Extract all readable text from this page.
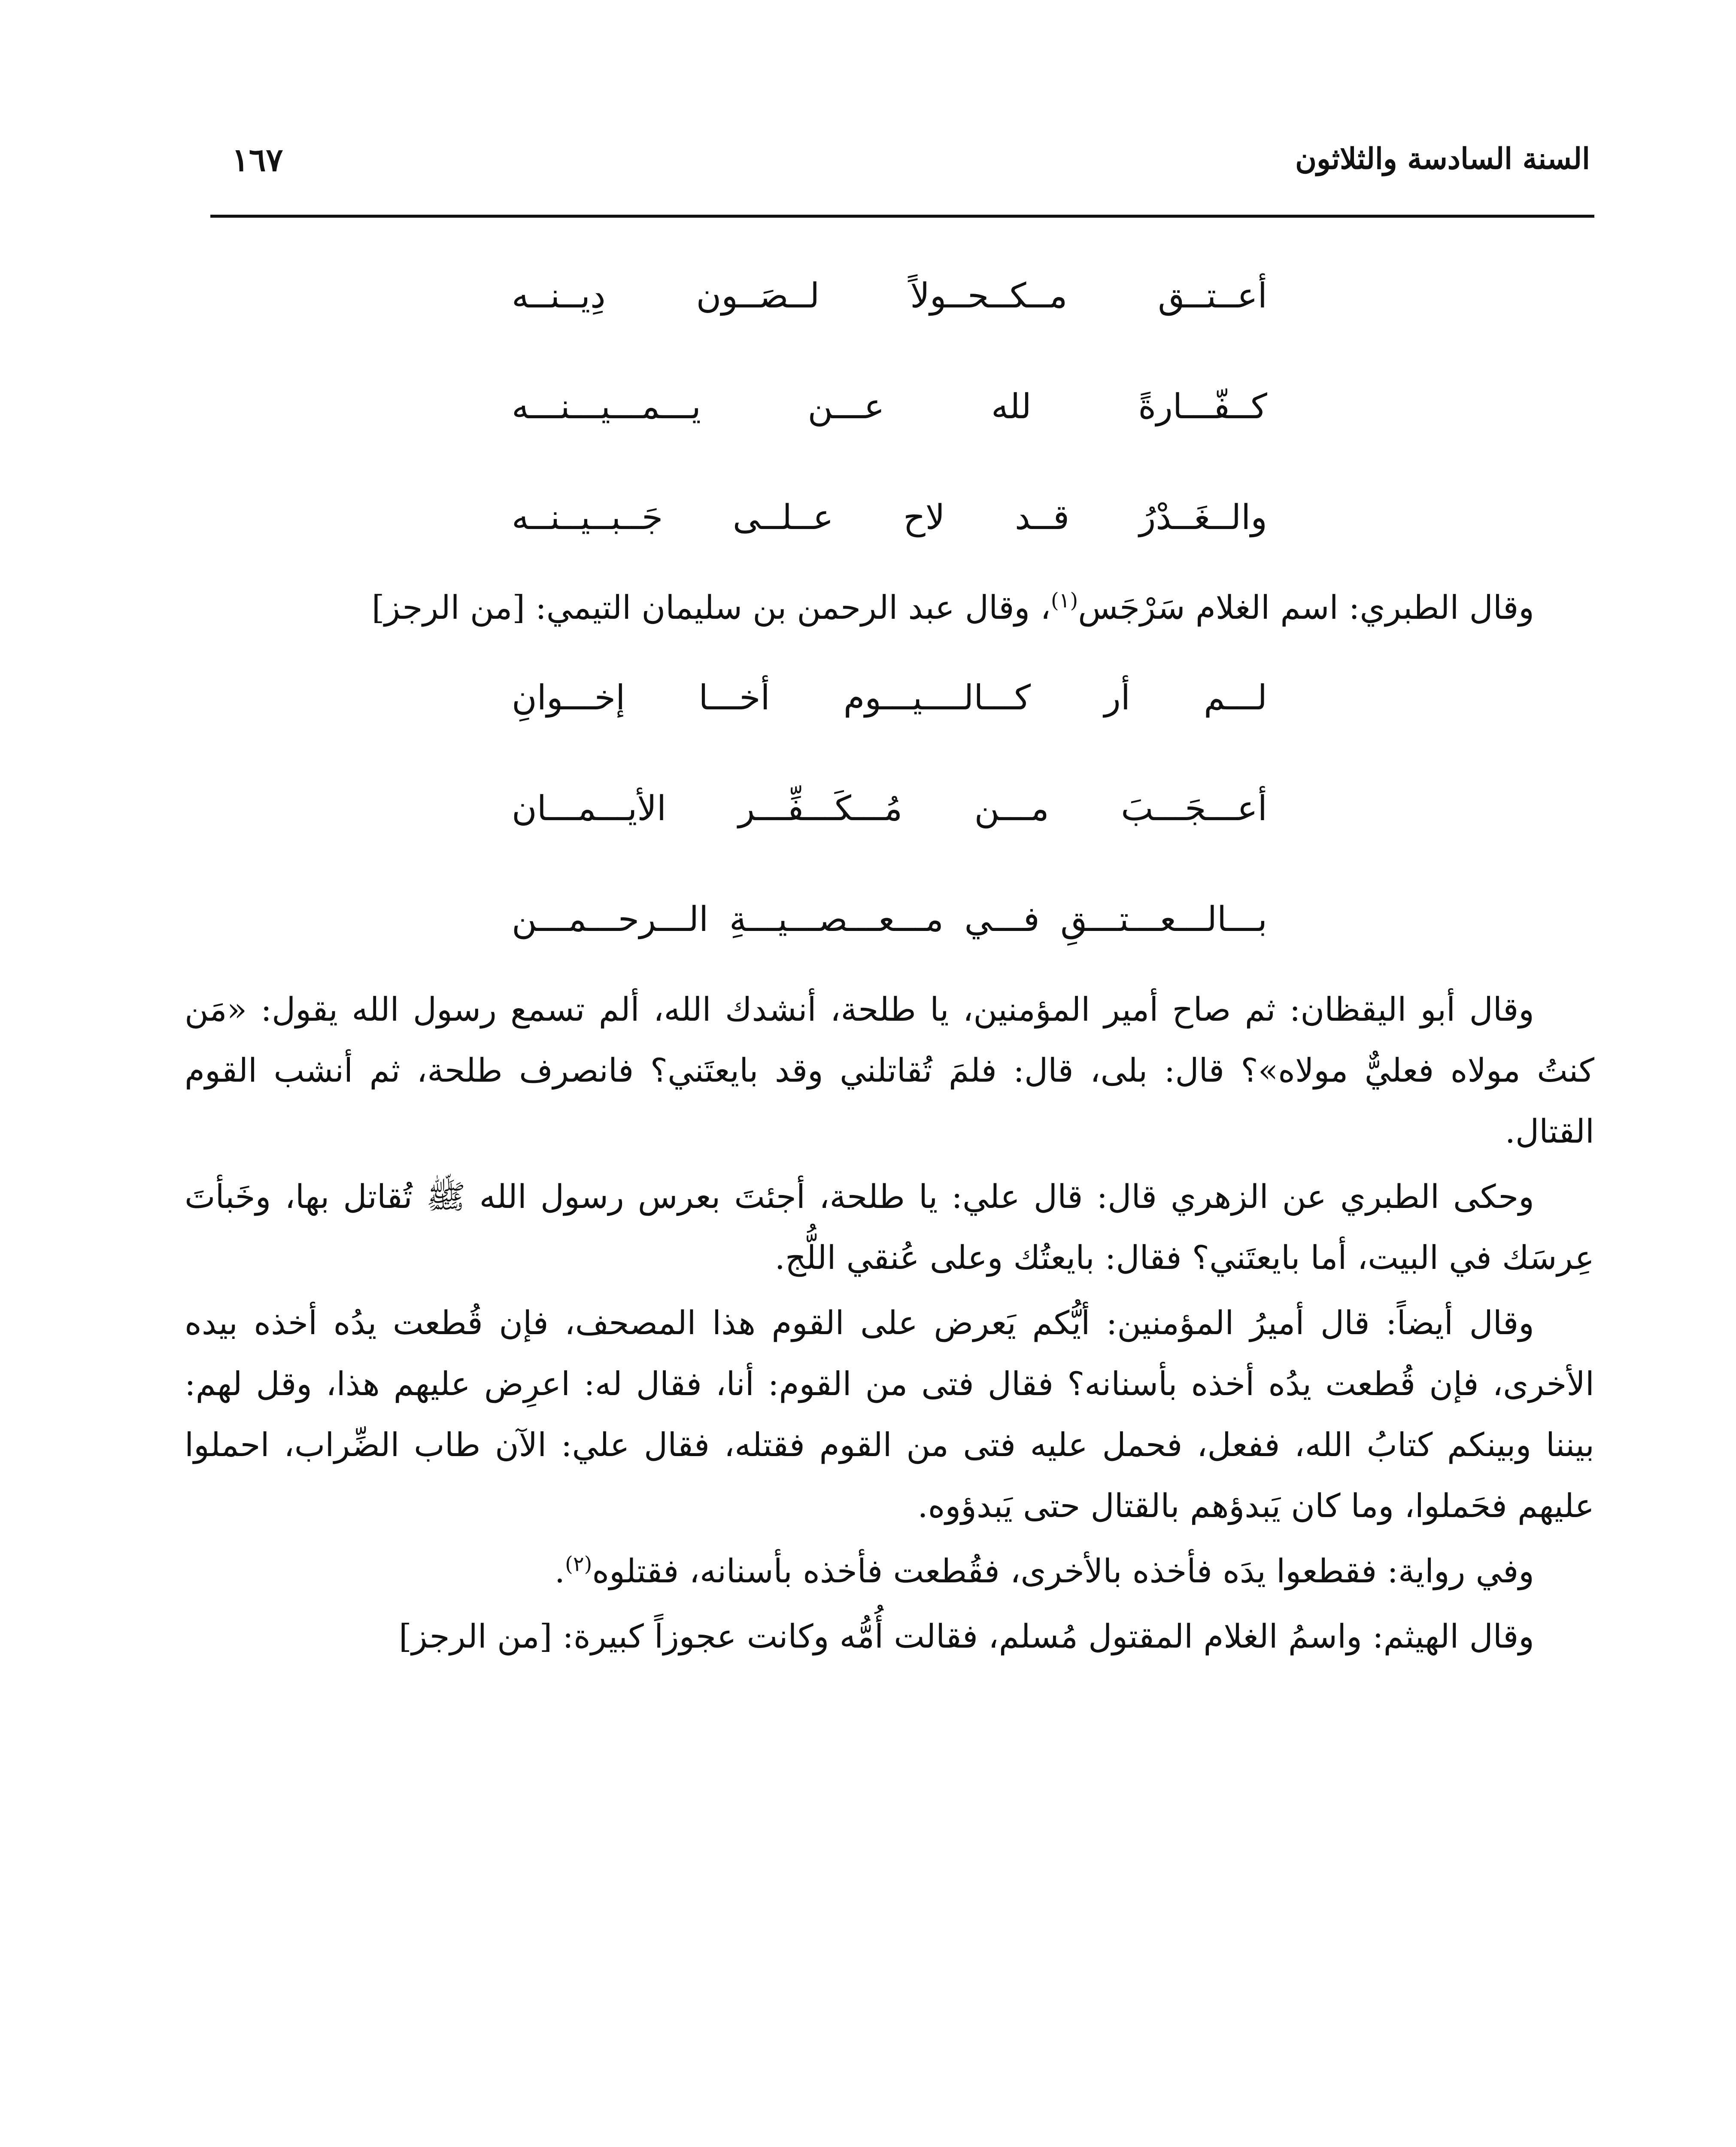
السنة السادسة والثلاثون
١٦٧
أعــتــق مــكــحــولاً لــصَــون دِيــنــه
كــفّـــارةً لله عـــن يـــمـــيـــنـــه
والــغَــدْرُ قــد لاح عــلــى جَــبــيــنــه

وقال الطبري: اسم الغلام سَرْجَس$^{(١)}$، وقال عبد الرحمن بن سليمان التيمي: [من الرجز]

لـــم أر كـــالــــيـــوم أخـــا إخـــوانِ
أعـــجَـــبَ مـــن مُـــكَـــفِّـــر الأيـــمـــان
بـــالـــعـــتـــقِ فـــي مـــعـــصـــيـــةِ الـــرحـــمـــن

وقال أبو اليقظان: ثم صاح أمير المؤمنين، يا طلحة، أنشدك الله، ألم تسمع رسول الله يقول: «مَن كنتُ مولاه فعليٌّ مولاه»؟ قال: بلى، قال: فلمَ تُقاتلني وقد بايعتَني؟ فانصرف طلحة، ثم أنشب القوم القتال.

وحكى الطبري عن الزهري قال: قال علي: يا طلحة، أجئتَ بعرس رسول الله ﷺ تُقاتل بها، وخَبأتَ عِرسَك في البيت، أما بايعتَني؟ فقال: بايعتُك وعلى عُنقي اللُّج.

وقال أيضاً: قال أميرُ المؤمنين: أيُّكم يَعرض على القوم هذا المصحف، فإن قُطعت يدُه أخذه بيده الأخرى، فإن قُطعت يدُه أخذه بأسنانه؟ فقال فتى من القوم: أنا، فقال له: اعرِض عليهم هذا، وقل لهم: بيننا وبينكم كتابُ الله، ففعل، فحمل عليه فتى من القوم فقتله، فقال علي: الآن طاب الضِّراب، احملوا عليهم فحَملوا، وما كان يَبدؤهم بالقتال حتى يَبدؤوه.

وفي رواية: فقطعوا يدَه فأخذه بالأخرى، فقُطعت فأخذه بأسنانه، فقتلوه$^{(٢)}$.

وقال الهيثم: واسمُ الغلام المقتول مُسلم، فقالت أُمُّه وكانت عجوزاً كبيرة: [من الرجز]
